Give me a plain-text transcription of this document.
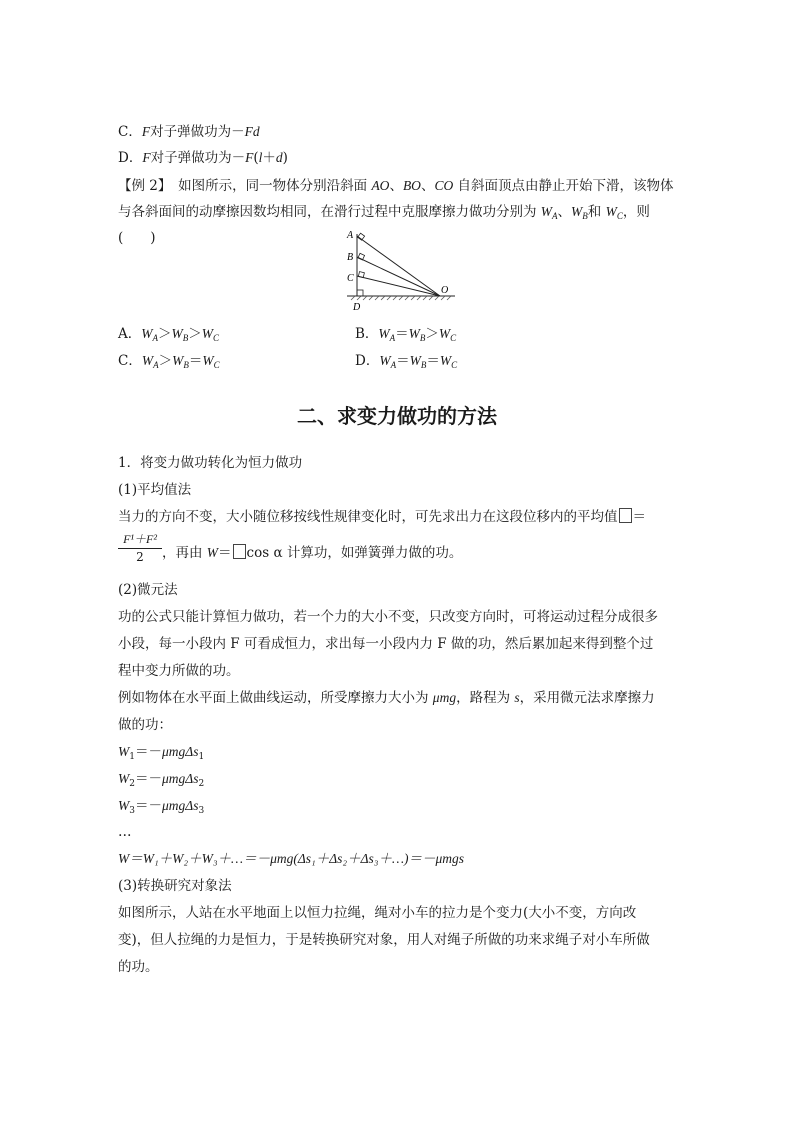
C．F对子弹做功为－Fd
D．F对子弹做功为－F(l＋d)
【例 2】　 如图所示，同一物体分别沿斜面 AO、BO、CO 自斜面顶点由静止开始下滑，该物体
与各斜面间的动摩擦因数均相同，在滑行过程中克服摩擦力做功分别为 $W_A$、$W_B$和 $W_C$，则
(　　)	A
B
C
D
O
A．$W_A>W_B>W_C$	B．$W_A=W_B>W_C$
C．$W_A>W_B=W_C$	D．$W_A=W_B=W_C$
二、求变力做功的方法
1．将变力做功转化为恒力做功
(1)平均值法
当力的方向不变，大小随位移按线性规律变化时，可先求出力在这段位移内的平均值 ＝
$\frac{\text{F¹＋F²}}{2}$ ，再由 W＝ cos α 计算功，如弹簧弹力做的功。
(2)微元法
功的公式只能计算恒力做功，若一个力的大小不变，只改变方向时，可将运动过程分成很多
小段，每一小段内 F 可看成恒力，求出每一小段内力 F 做的功，然后累加起来得到整个过
程中变力所做的功。
例如物体在水平面上做曲线运动，所受摩擦力大小为 μmg，路程为 s，采用微元法求摩擦力
做的功：
$W_1=-\mu mg\Delta s_1$
$W_2=-\mu mg\Delta s_2$
$W_3=-\mu mg\Delta s_3$
…
W＝W₁＋W₂＋W₃＋…＝－μmg(Δs₁＋Δs₂＋Δs₃＋…)＝－μmgs
(3)转换研究对象法
如图所示，人站在水平地面上以恒力拉绳，绳对小车的拉力是个变力(大小不变，方向改
变)，但人拉绳的力是恒力，于是转换研究对象，用人对绳子所做的功来求绳子对小车所做
的功。
